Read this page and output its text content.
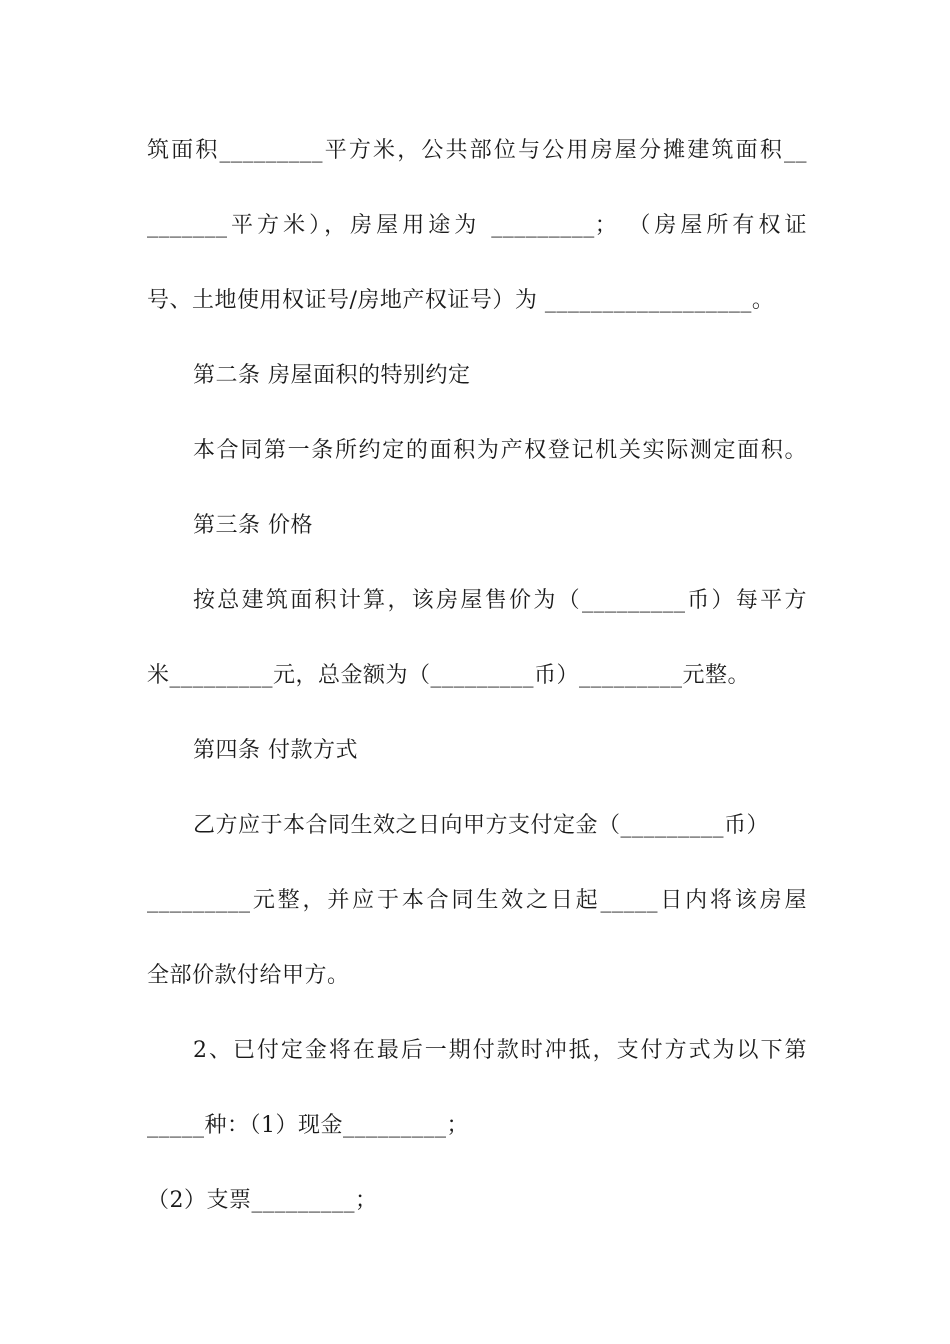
筑面积_________平方米，公共部位与公用房屋分摊建筑面积__
_______平方米），房屋用途为 _________； （房屋所有权证
号、土地使用权证号/房地产权证号）为 __________________。
第二条 房屋面积的特别约定
本合同第一条所约定的面积为产权登记机关实际测定面积。
第三条 价格
按总建筑面积计算，该房屋售价为（_________币）每平方
米_________元，总金额为（_________币）_________元整。
第四条 付款方式
乙方应于本合同生效之日向甲方支付定金（_________币）
_________元整，并应于本合同生效之日起_____日内将该房屋
全部价款付给甲方。
2、已付定金将在最后一期付款时冲抵，支付方式为以下第
_____种：（1）现金_________；
（2）支票_________；
